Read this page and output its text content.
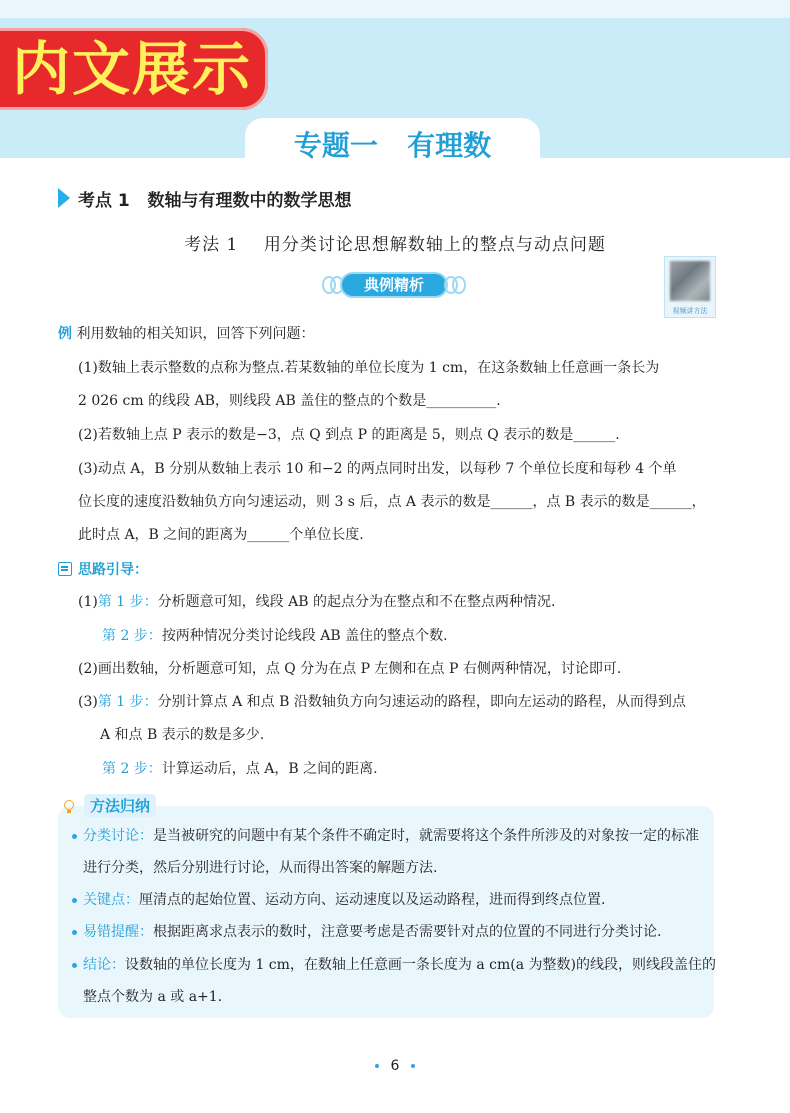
内文展示
专题一   有理数
考点 1   数轴与有理数中的数学思想
考法 1    用分类讨论思想解数轴上的整点与动点问题
典例精析
视频讲方法
例 利用数轴的相关知识，回答下列问题：
(1)数轴上表示整数的点称为整点.若某数轴的单位长度为 1 cm，在这条数轴上任意画一条长为
2 026 cm 的线段 AB，则线段 AB 盖住的整点的个数是__________.
(2)若数轴上点 P 表示的数是−3，点 Q 到点 P 的距离是 5，则点 Q 表示的数是______.
(3)动点 A，B 分别从数轴上表示 10 和−2 的两点同时出发，以每秒 7 个单位长度和每秒 4 个单
位长度的速度沿数轴负方向匀速运动，则 3 s 后，点 A 表示的数是______，点 B 表示的数是______，
此时点 A，B 之间的距离为______个单位长度.
思路引导：
(1)第 1 步：分析题意可知，线段 AB 的起点分为在整点和不在整点两种情况.
第 2 步：按两种情况分类讨论线段 AB 盖住的整点个数.
(2)画出数轴，分析题意可知，点 Q 分为在点 P 左侧和在点 P 右侧两种情况，讨论即可.
(3)第 1 步：分别计算点 A 和点 B 沿数轴负方向匀速运动的路程，即向左运动的路程，从而得到点
A 和点 B 表示的数是多少.
第 2 步：计算运动后，点 A，B 之间的距离.
方法归纳
分类讨论：是当被研究的问题中有某个条件不确定时，就需要将这个条件所涉及的对象按一定的标准
进行分类，然后分别进行讨论，从而得出答案的解题方法.
关键点：厘清点的起始位置、运动方向、运动速度以及运动路程，进而得到终点位置.
易错提醒：根据距离求点表示的数时，注意要考虑是否需要针对点的位置的不同进行分类讨论.
结论：设数轴的单位长度为 1 cm，在数轴上任意画一条长度为 a cm(a 为整数)的线段，则线段盖住的
整点个数为 a 或 a+1.
6
